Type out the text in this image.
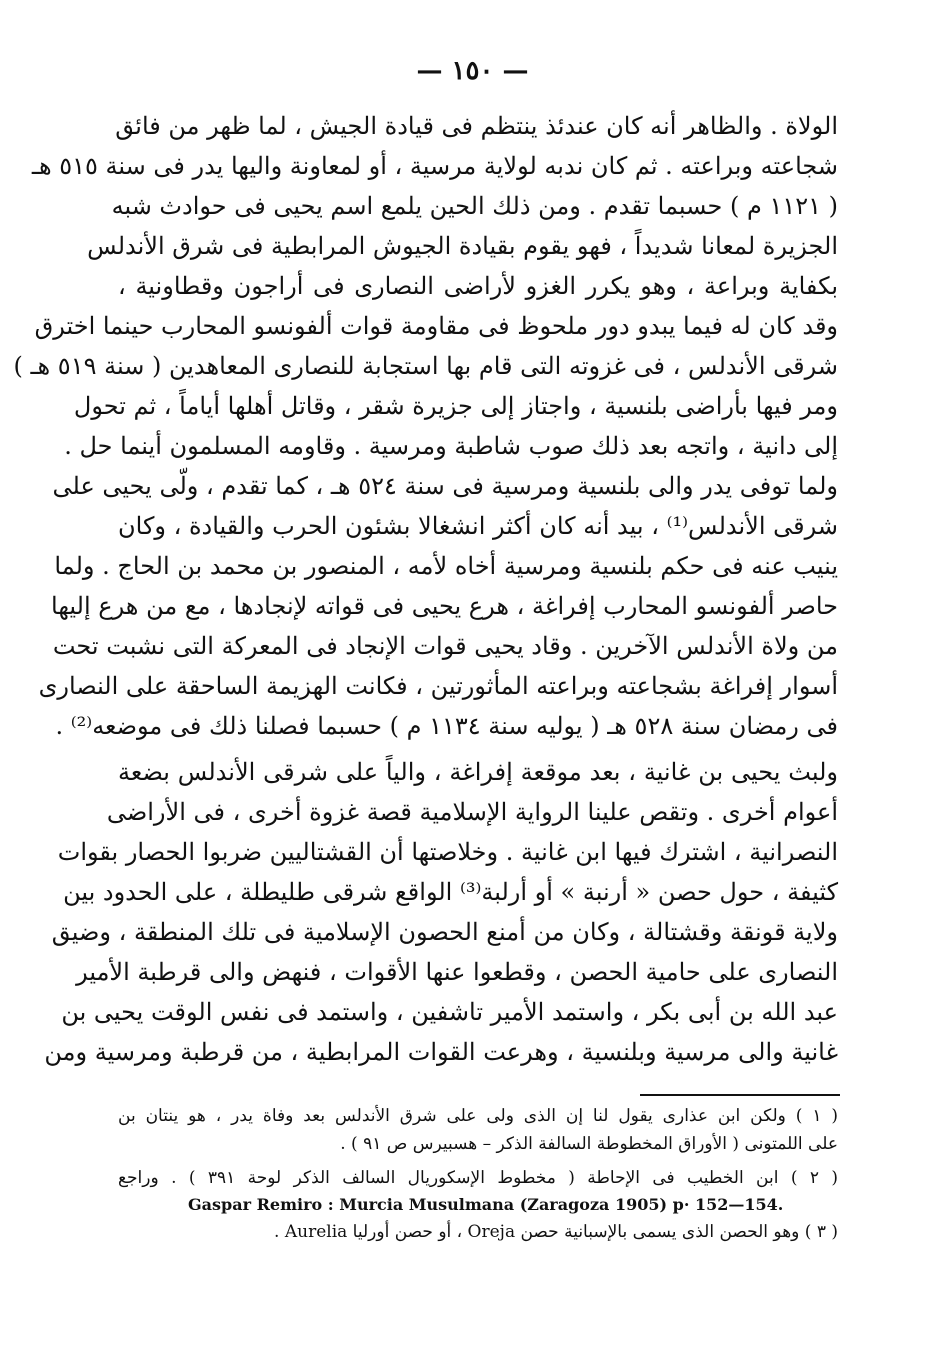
— ١٥٠ —
الولاة . والظاهر أنه كان عندئذ ينتظم فى قيادة الجيش ، لما ظهر من فائق
شجاعته وبراعته . ثم كان ندبه لولاية مرسية ، أو لمعاونة واليها يدر فى سنة ٥١٥ هـ
( ١١٢١ م ) حسبما تقدم . ومن ذلك الحين يلمع اسم يحيى فى حوادث شبه
الجزيرة لمعانا شديداً ، فهو يقوم بقيادة الجيوش المرابطية فى شرق الأندلس
بكفاية وبراعة ، وهو يكرر الغزو لأراضى النصارى فى أراجون وقطاونية ،
وقد كان له فيما يبدو دور ملحوظ فى مقاومة قوات ألفونسو المحارب حينما اخترق
شرقى الأندلس ، فى غزوته التى قام بها استجابة للنصارى المعاهدين ( سنة ٥١٩ هـ )
ومر فيها بأراضى بلنسية ، واجتاز إلى جزيرة شقر ، وقاتل أهلها أياماً ، ثم تحول
إلى دانية ، واتجه بعد ذلك صوب شاطبة ومرسية . وقاومه المسلمون أينما حل .
ولما توفى يدر والى بلنسية ومرسية فى سنة ٥٢٤ هـ ، كما تقدم ، ولّى يحيى على
شرقى الأندلس⁽¹⁾ ، بيد أنه كان أكثر انشغالا بشئون الحرب والقيادة ، وكان
ينيب عنه فى حكم بلنسية ومرسية أخاه لأمه ، المنصور بن محمد بن الحاج . ولما
حاصر ألفونسو المحارب إفراغة ، هرع يحيى فى قواته لإنجادها ، مع من هرع إليها
من ولاة الأندلس الآخرين . وقاد يحيى قوات الإنجاد فى المعركة التى نشبت تحت
أسوار إفراغة بشجاعته وبراعته المأثورتين ، فكانت الهزيمة الساحقة على النصارى
فى رمضان سنة ٥٢٨ هـ ( يوليه سنة ١١٣٤ م ) حسبما فصلنا ذلك فى موضعه⁽²⁾ .
ولبث يحيى بن غانية ، بعد موقعة إفراغة ، والياً على شرقى الأندلس بضعة
أعوام أخرى . وتقص علينا الرواية الإسلامية قصة غزوة أخرى ، فى الأراضى
النصرانية ، اشترك فيها ابن غانية . وخلاصتها أن القشتاليين ضربوا الحصار بقوات
كثيفة ، حول حصن « أرنبة » أو أرلبة⁽³⁾ الواقع شرقى طليطلة ، على الحدود بين
ولاية قونقة وقشتالة ، وكان من أمنع الحصون الإسلامية فى تلك المنطقة ، وضيق
النصارى على حامية الحصن ، وقطعوا عنها الأقوات ، فنهض والى قرطبة الأمير
عبد الله بن أبى بكر ، واستمد الأمير تاشفين ، واستمد فى نفس الوقت يحيى بن
غانية والى مرسية وبلنسية ، وهرعت القوات المرابطية ، من قرطبة ومرسية ومن
( ١ ) ولكن ابن عذارى يقول لنا إن الذى ولى على شرق الأندلس بعد وفاة يدر ، هو ينتان بن
على اللمتونى ( الأوراق المخطوطة السالفة الذكر – هسبيرس ص ٩١ ) .
( ٢ ) ابن الخطيب فى الإحاطة ( مخطوط الإسكوريال السالف الذكر لوحة ٣٩١ ) . وراجع
Gaspar Remiro : Murcia Musulmana (Zaragoza 1905) p· 152—154.
( ٣ ) وهو الحصن الذى يسمى بالإسبانية حصن Oreja ، أو حصن أورليا Aurelia .
